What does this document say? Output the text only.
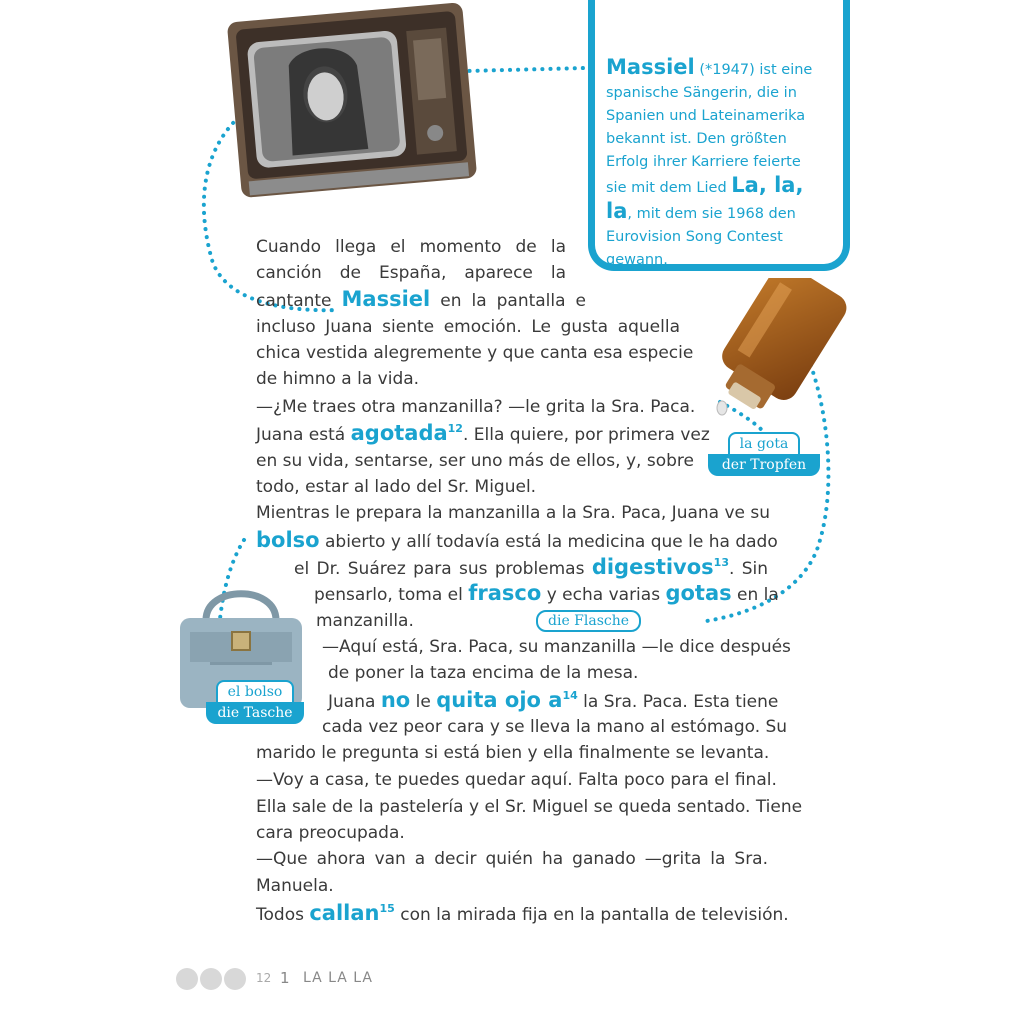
Massiel (*1947) ist eine spanische Sängerin, die in Spanien und Lateinamerika bekannt ist. Den größten Erfolg ihrer Karriere feierte sie mit dem Lied La, la, la, mit dem sie 1968 den Eurovision Song Contest gewann.
la gota
der Tropfen
die Flasche
el bolso
die Tasche
Cuando llega el momento de la
canción de España, aparece la
cantante Massiel en la pantalla e
incluso Juana siente emoción. Le gusta aquella
chica vestida alegremente y que canta esa especie
de himno a la vida.
—¿Me traes otra manzanilla? —le grita la Sra. Paca.
Juana está agotada$^{12}$. Ella quiere, por primera vez
en su vida, sentarse, ser uno más de ellos, y, sobre
todo, estar al lado del Sr. Miguel.
Mientras le prepara la manzanilla a la Sra. Paca, Juana ve su
bolso abierto y allí todavía está la medicina que le ha dado
el Dr. Suárez para sus problemas digestivos$^{13}$. Sin
pensarlo, toma el frasco y echa varias gotas en la
manzanilla.
—Aquí está, Sra. Paca, su manzanilla —le dice después
de poner la taza encima de la mesa.
Juana no le quita ojo $a^{14}$ la Sra. Paca. Esta tiene
cada vez peor cara y se lleva la mano al estómago. Su
marido le pregunta si está bien y ella finalmente se levanta.
—Voy a casa, te puedes quedar aquí. Falta poco para el final.
Ella sale de la pastelería y el Sr. Miguel se queda sentado. Tiene
cara preocupada.
—Que ahora van a decir quién ha ganado —grita la Sra.
Manuela.
Todos callan$^{15}$ con la mirada fija en la pantalla de televisión.
12 1 LA LA LA
